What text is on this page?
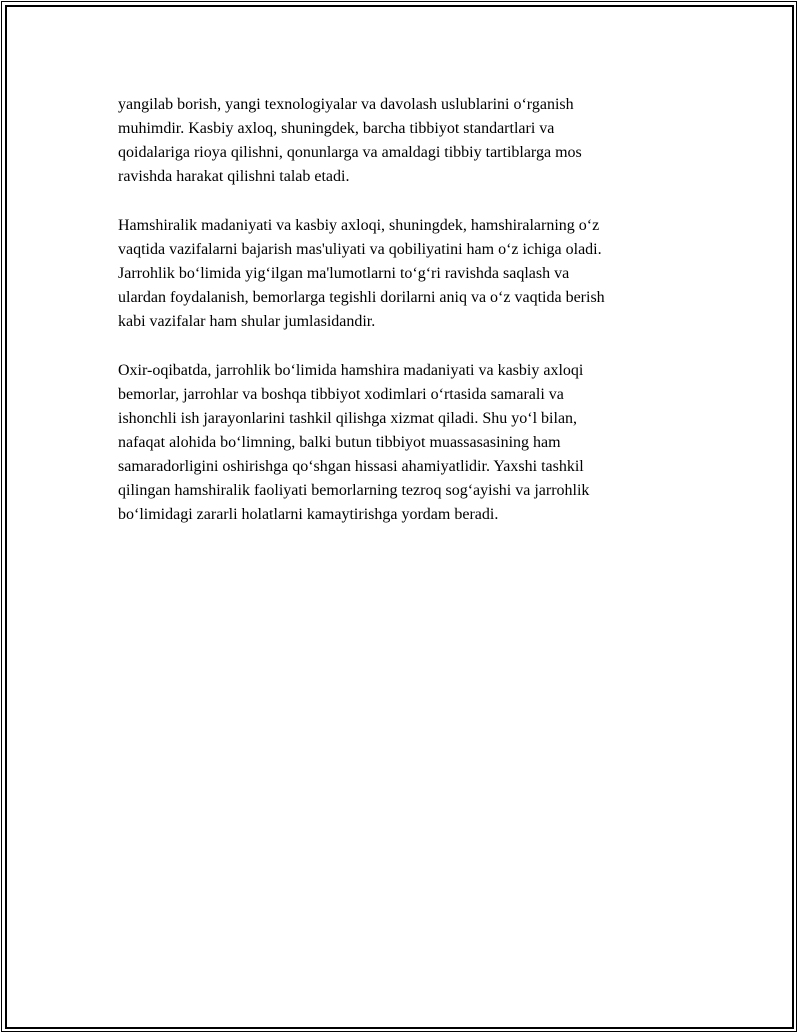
yangilab borish, yangi texnologiyalar va davolash uslublarini o‘rganish
muhimdir. Kasbiy axloq, shuningdek, barcha tibbiyot standartlari va
qoidalariga rioya qilishni, qonunlarga va amaldagi tibbiy tartiblarga mos
ravishda harakat qilishni talab etadi.

Hamshiralik madaniyati va kasbiy axloqi, shuningdek, hamshiralarning o‘z
vaqtida vazifalarni bajarish mas'uliyati va qobiliyatini ham o‘z ichiga oladi.
Jarrohlik bo‘limida yig‘ilgan ma'lumotlarni to‘g‘ri ravishda saqlash va
ulardan foydalanish, bemorlarga tegishli dorilarni aniq va o‘z vaqtida berish
kabi vazifalar ham shular jumlasidandir.

Oxir-oqibatda, jarrohlik bo‘limida hamshira madaniyati va kasbiy axloqi
bemorlar, jarrohlar va boshqa tibbiyot xodimlari o‘rtasida samarali va
ishonchli ish jarayonlarini tashkil qilishga xizmat qiladi. Shu yo‘l bilan,
nafaqat alohida bo‘limning, balki butun tibbiyot muassasasining ham
samaradorligini oshirishga qo‘shgan hissasi ahamiyatlidir. Yaxshi tashkil
qilingan hamshiralik faoliyati bemorlarning tezroq sog‘ayishi va jarrohlik
bo‘limidagi zararli holatlarni kamaytirishga yordam beradi.
